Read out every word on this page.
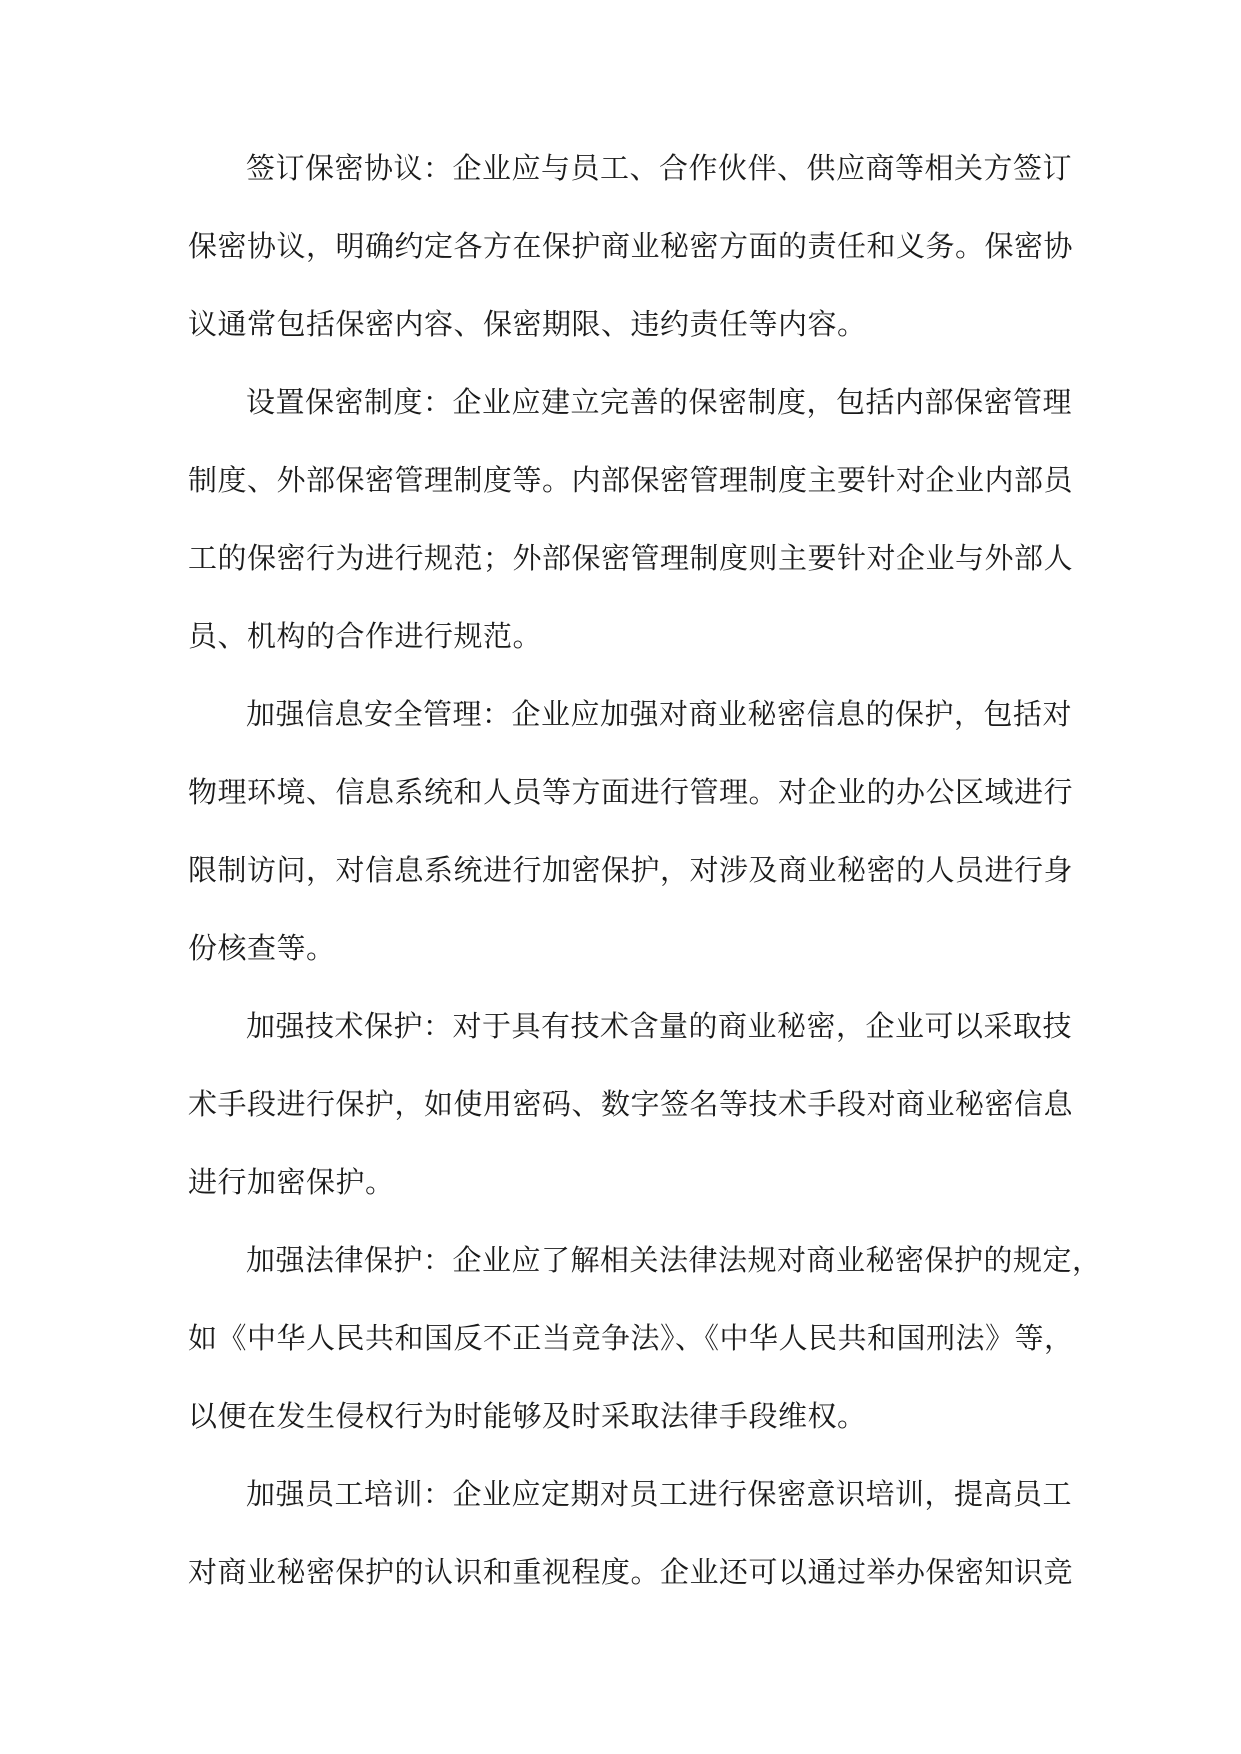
签订保密协议：企业应与员工、合作伙伴、供应商等相关方签订
保密协议，明确约定各方在保护商业秘密方面的责任和义务。保密协
议通常包括保密内容、保密期限、违约责任等内容。
设置保密制度：企业应建立完善的保密制度，包括内部保密管理
制度、外部保密管理制度等。内部保密管理制度主要针对企业内部员
工的保密行为进行规范；外部保密管理制度则主要针对企业与外部人
员、机构的合作进行规范。
加强信息安全管理：企业应加强对商业秘密信息的保护，包括对
物理环境、信息系统和人员等方面进行管理。对企业的办公区域进行
限制访问，对信息系统进行加密保护，对涉及商业秘密的人员进行身
份核查等。
加强技术保护：对于具有技术含量的商业秘密，企业可以采取技
术手段进行保护，如使用密码、数字签名等技术手段对商业秘密信息
进行加密保护。
加强法律保护：企业应了解相关法律法规对商业秘密保护的规定，
如《中华人民共和国反不正当竞争法》、《中华人民共和国刑法》等，
以便在发生侵权行为时能够及时采取法律手段维权。
加强员工培训：企业应定期对员工进行保密意识培训，提高员工
对商业秘密保护的认识和重视程度。企业还可以通过举办保密知识竞
